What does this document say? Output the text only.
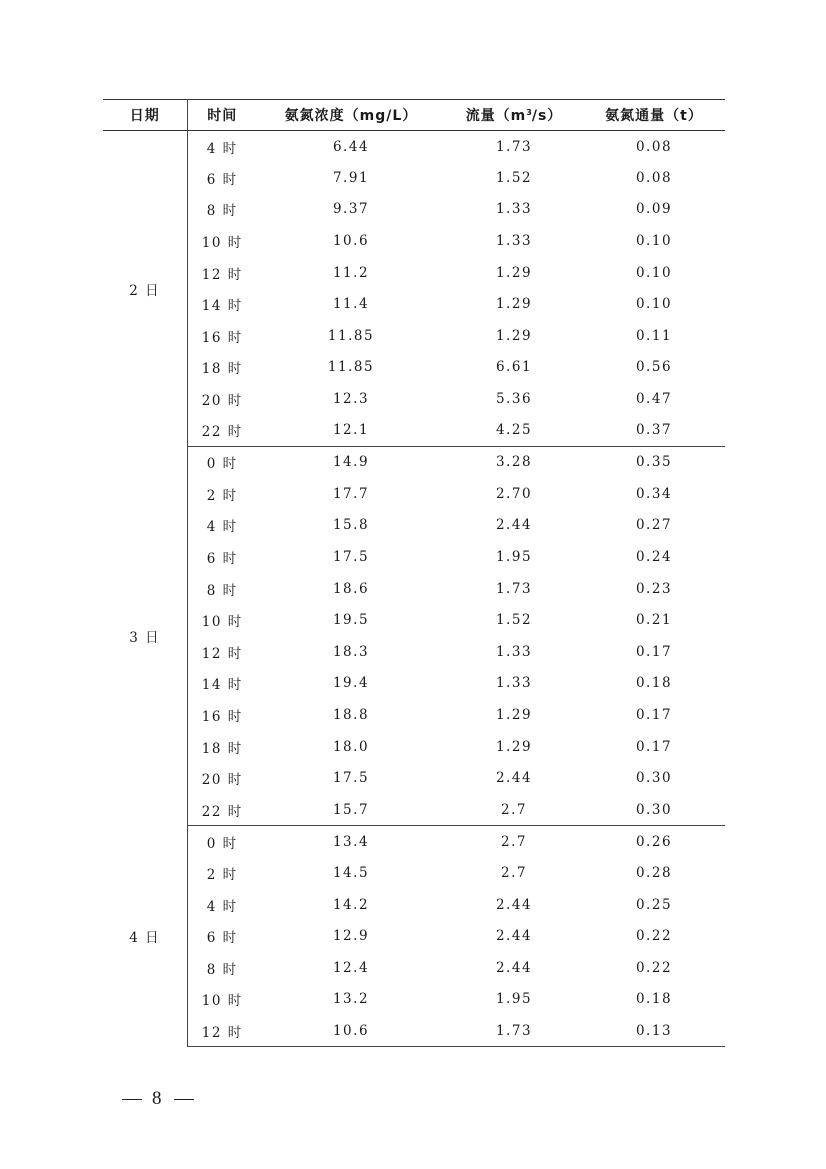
日期	时间	氨氮浓度（mg/L）	流量$(m^3/s)$	氨氮通量（t）
2 日	4 时	6.44	1.73	0.08
	6 时	7.91	1.52	0.08
	8 时	9.37	1.33	0.09
	10 时	10.6	1.33	0.10
	12 时	11.2	1.29	0.10
	14 时	11.4	1.29	0.10
	16 时	11.85	1.29	0.11
	18 时	11.85	6.61	0.56
	20 时	12.3	5.36	0.47
	22 时	12.1	4.25	0.37
3 日	0 时	14.9	3.28	0.35
	2 时	17.7	2.70	0.34
	4 时	15.8	2.44	0.27
	6 时	17.5	1.95	0.24
	8 时	18.6	1.73	0.23
	10 时	19.5	1.52	0.21
	12 时	18.3	1.33	0.17
	14 时	19.4	1.33	0.18
	16 时	18.8	1.29	0.17
	18 时	18.0	1.29	0.17
	20 时	17.5	2.44	0.30
	22 时	15.7	2.7	0.30
4 日	0 时	13.4	2.7	0.26
	2 时	14.5	2.7	0.28
	4 时	14.2	2.44	0.25
	6 时	12.9	2.44	0.22
	8 时	12.4	2.44	0.22
	10 时	13.2	1.95	0.18
	12 时	10.6	1.73	0.13
8
